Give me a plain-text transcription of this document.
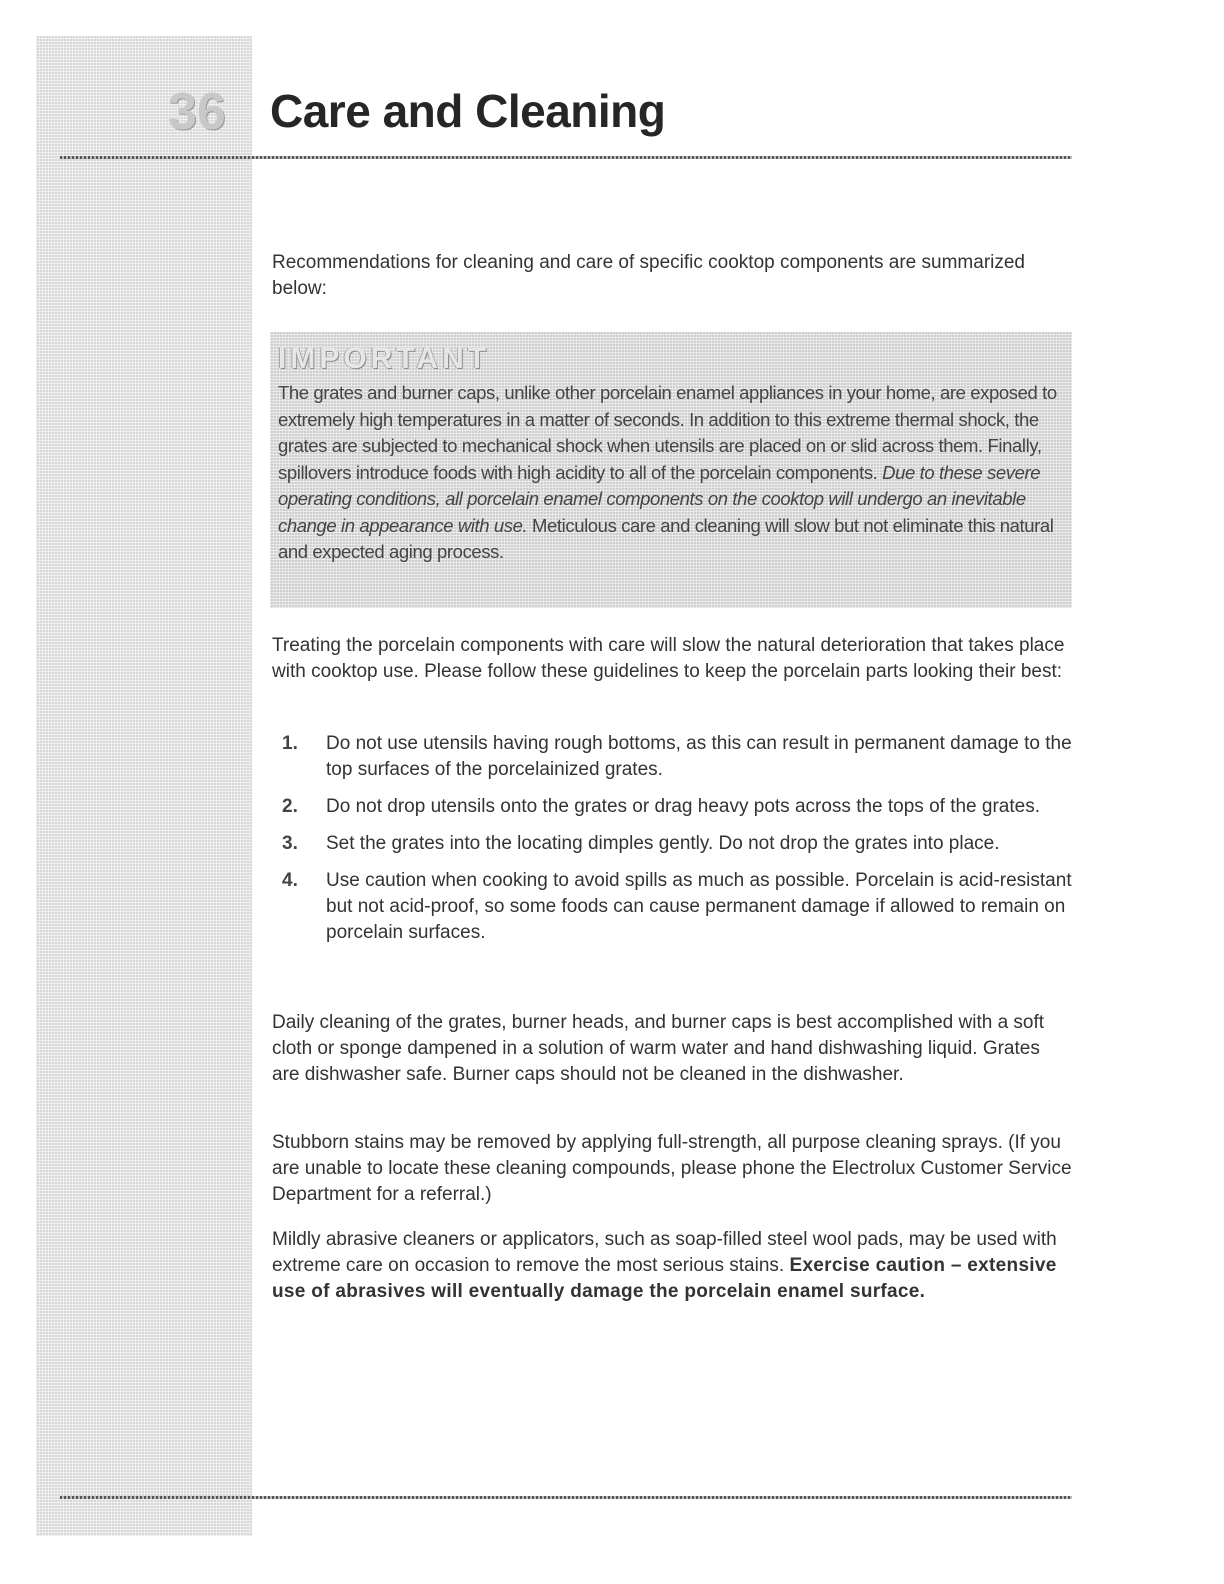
36 Care and Cleaning
Recommendations for cleaning and care of specific cooktop components are summarized below:
IMPORTANT
The grates and burner caps, unlike other porcelain enamel appliances in your home, are exposed to extremely high temperatures in a matter of seconds. In addition to this extreme thermal shock, the grates are subjected to mechanical shock when utensils are placed on or slid across them. Finally, spillovers introduce foods with high acidity to all of the porcelain components. Due to these severe operating conditions, all porcelain enamel components on the cooktop will undergo an inevitable change in appearance with use. Meticulous care and cleaning will slow but not eliminate this natural and expected aging process.
Treating the porcelain components with care will slow the natural deterioration that takes place with cooktop use. Please follow these guidelines to keep the porcelain parts looking their best:
1. Do not use utensils having rough bottoms, as this can result in permanent damage to the top surfaces of the porcelainized grates.
2. Do not drop utensils onto the grates or drag heavy pots across the tops of the grates.
3. Set the grates into the locating dimples gently. Do not drop the grates into place.
4. Use caution when cooking to avoid spills as much as possible. Porcelain is acid-resistant but not acid-proof, so some foods can cause permanent damage if allowed to remain on porcelain surfaces.
Daily cleaning of the grates, burner heads, and burner caps is best accomplished with a soft cloth or sponge dampened in a solution of warm water and hand dishwashing liquid. Grates are dishwasher safe. Burner caps should not be cleaned in the dishwasher.
Stubborn stains may be removed by applying full-strength, all purpose cleaning sprays. (If you are unable to locate these cleaning compounds, please phone the Electrolux Customer Service Department for a referral.)
Mildly abrasive cleaners or applicators, such as soap-filled steel wool pads, may be used with extreme care on occasion to remove the most serious stains. Exercise caution – extensive use of abrasives will eventually damage the porcelain enamel surface.
